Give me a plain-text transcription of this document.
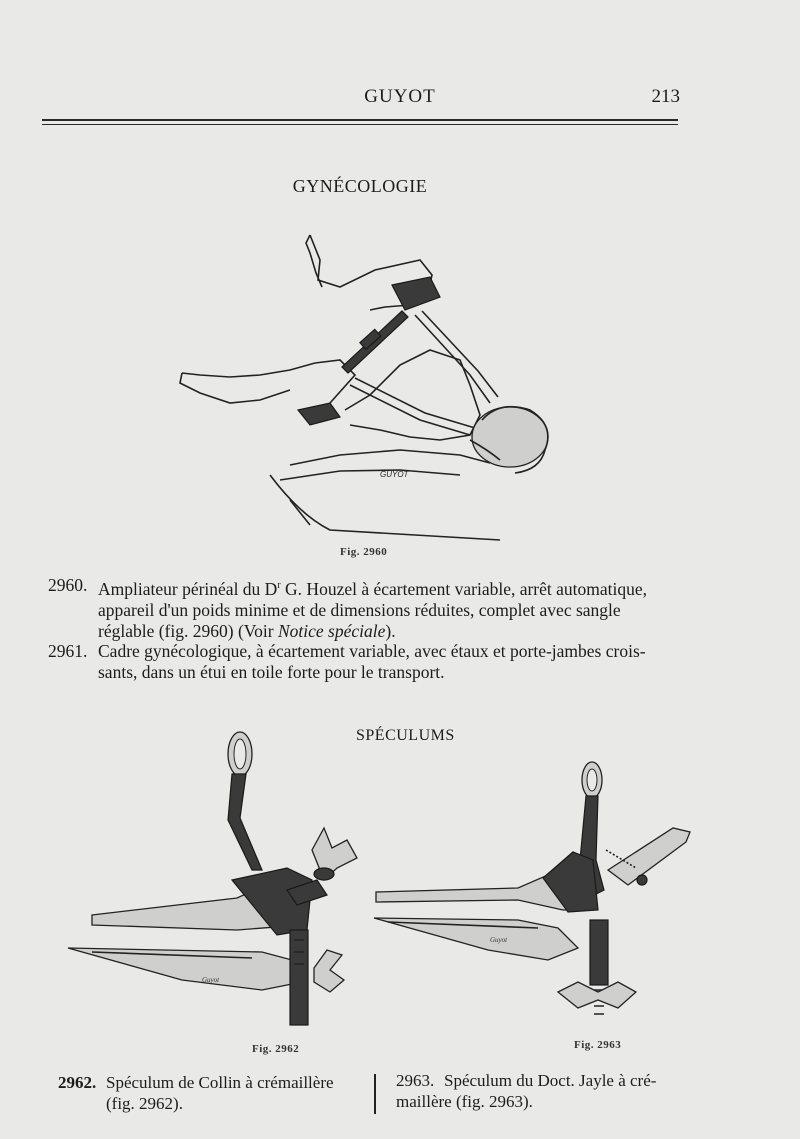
GUYOT	213
GYNÉCOLOGIE
GUYOT
Fig. 2960
2960. Ampliateur périnéal du $D^r$ G. Houzel à écartement variable, arrêt automatique,
appareil d'un poids minime et de dimensions réduites, complet avec sangle
réglable (fig. 2960) (Voir Notice spéciale).
2961. Cadre gynécologique, à écartement variable, avec étaux et porte-jambes crois-
sants, dans un étui en toile forte pour le transport.
SPÉCULUMS
Guyot
Fig. 2962
Guyot
Fig. 2963
2962. Spéculum de Collin à crémaillère
(fig. 2962).
2963. Spéculum du Doct. Jayle à cré-
maillère (fig. 2963).
